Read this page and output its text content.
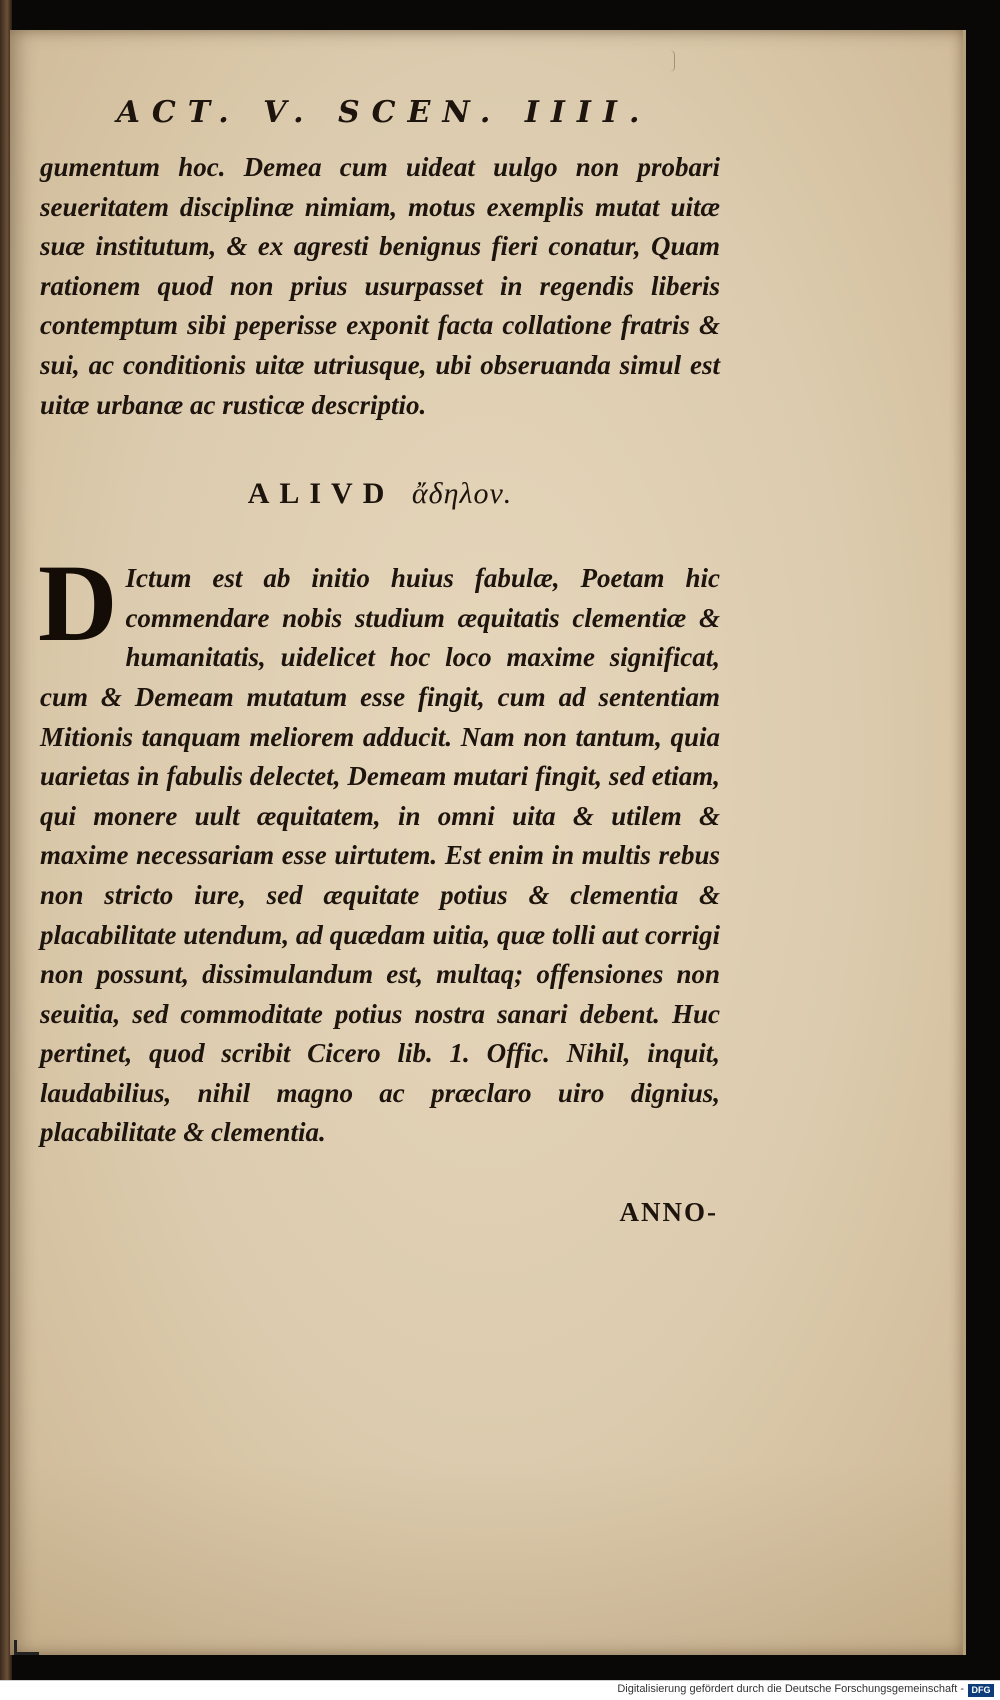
ACT. V. SCEN. IIII.

gumentum hoc. Demea cum uideat uulgo non probari seueritatem disciplinæ nimiam, motus exemplis mutat uitæ suæ institutum, & ex agresti benignus fieri conatur, Quam rationem quod non prius usurpasset in regendis liberis contemptum sibi peperisse exponit facta collatione fratris & sui, ac conditionis uitæ utriusque, ubi obseruanda simul est uitæ urbanæ ac rusticæ descriptio.

ALIVD ἄδηλον.
D Ictum est ab initio huius fabulæ, Poetam hic commendare nobis studium æquitatis clementiæ & humanitatis, uidelicet hoc loco maxime significat, cum & Demeam mutatum esse fingit, cum ad sententiam Mitionis tanquam meliorem adducit. Nam non tantum, quia uarietas in fabulis delectet, Demeam mutari fingit, sed etiam, qui monere uult æquitatem, in omni uita & utilem & maxime necessariam esse uirtutem. Est enim in multis rebus non stricto iure, sed æquitate potius & clementia & placabilitate utendum, ad quædam uitia, quæ tolli aut corrigi non possunt, dissimulandum est, multaq; offensiones non seuitia, sed commoditate potius nostra sanari debent. Huc pertinet, quod scribit Cicero lib. 1. Offic. Nihil, inquit, laudabilius, nihil magno ac præclaro uiro dignius, placabilitate & clementia.

ANNO-
Digitalisierung gefördert durch die Deutsche Forschungsgemeinschaft - DFG
